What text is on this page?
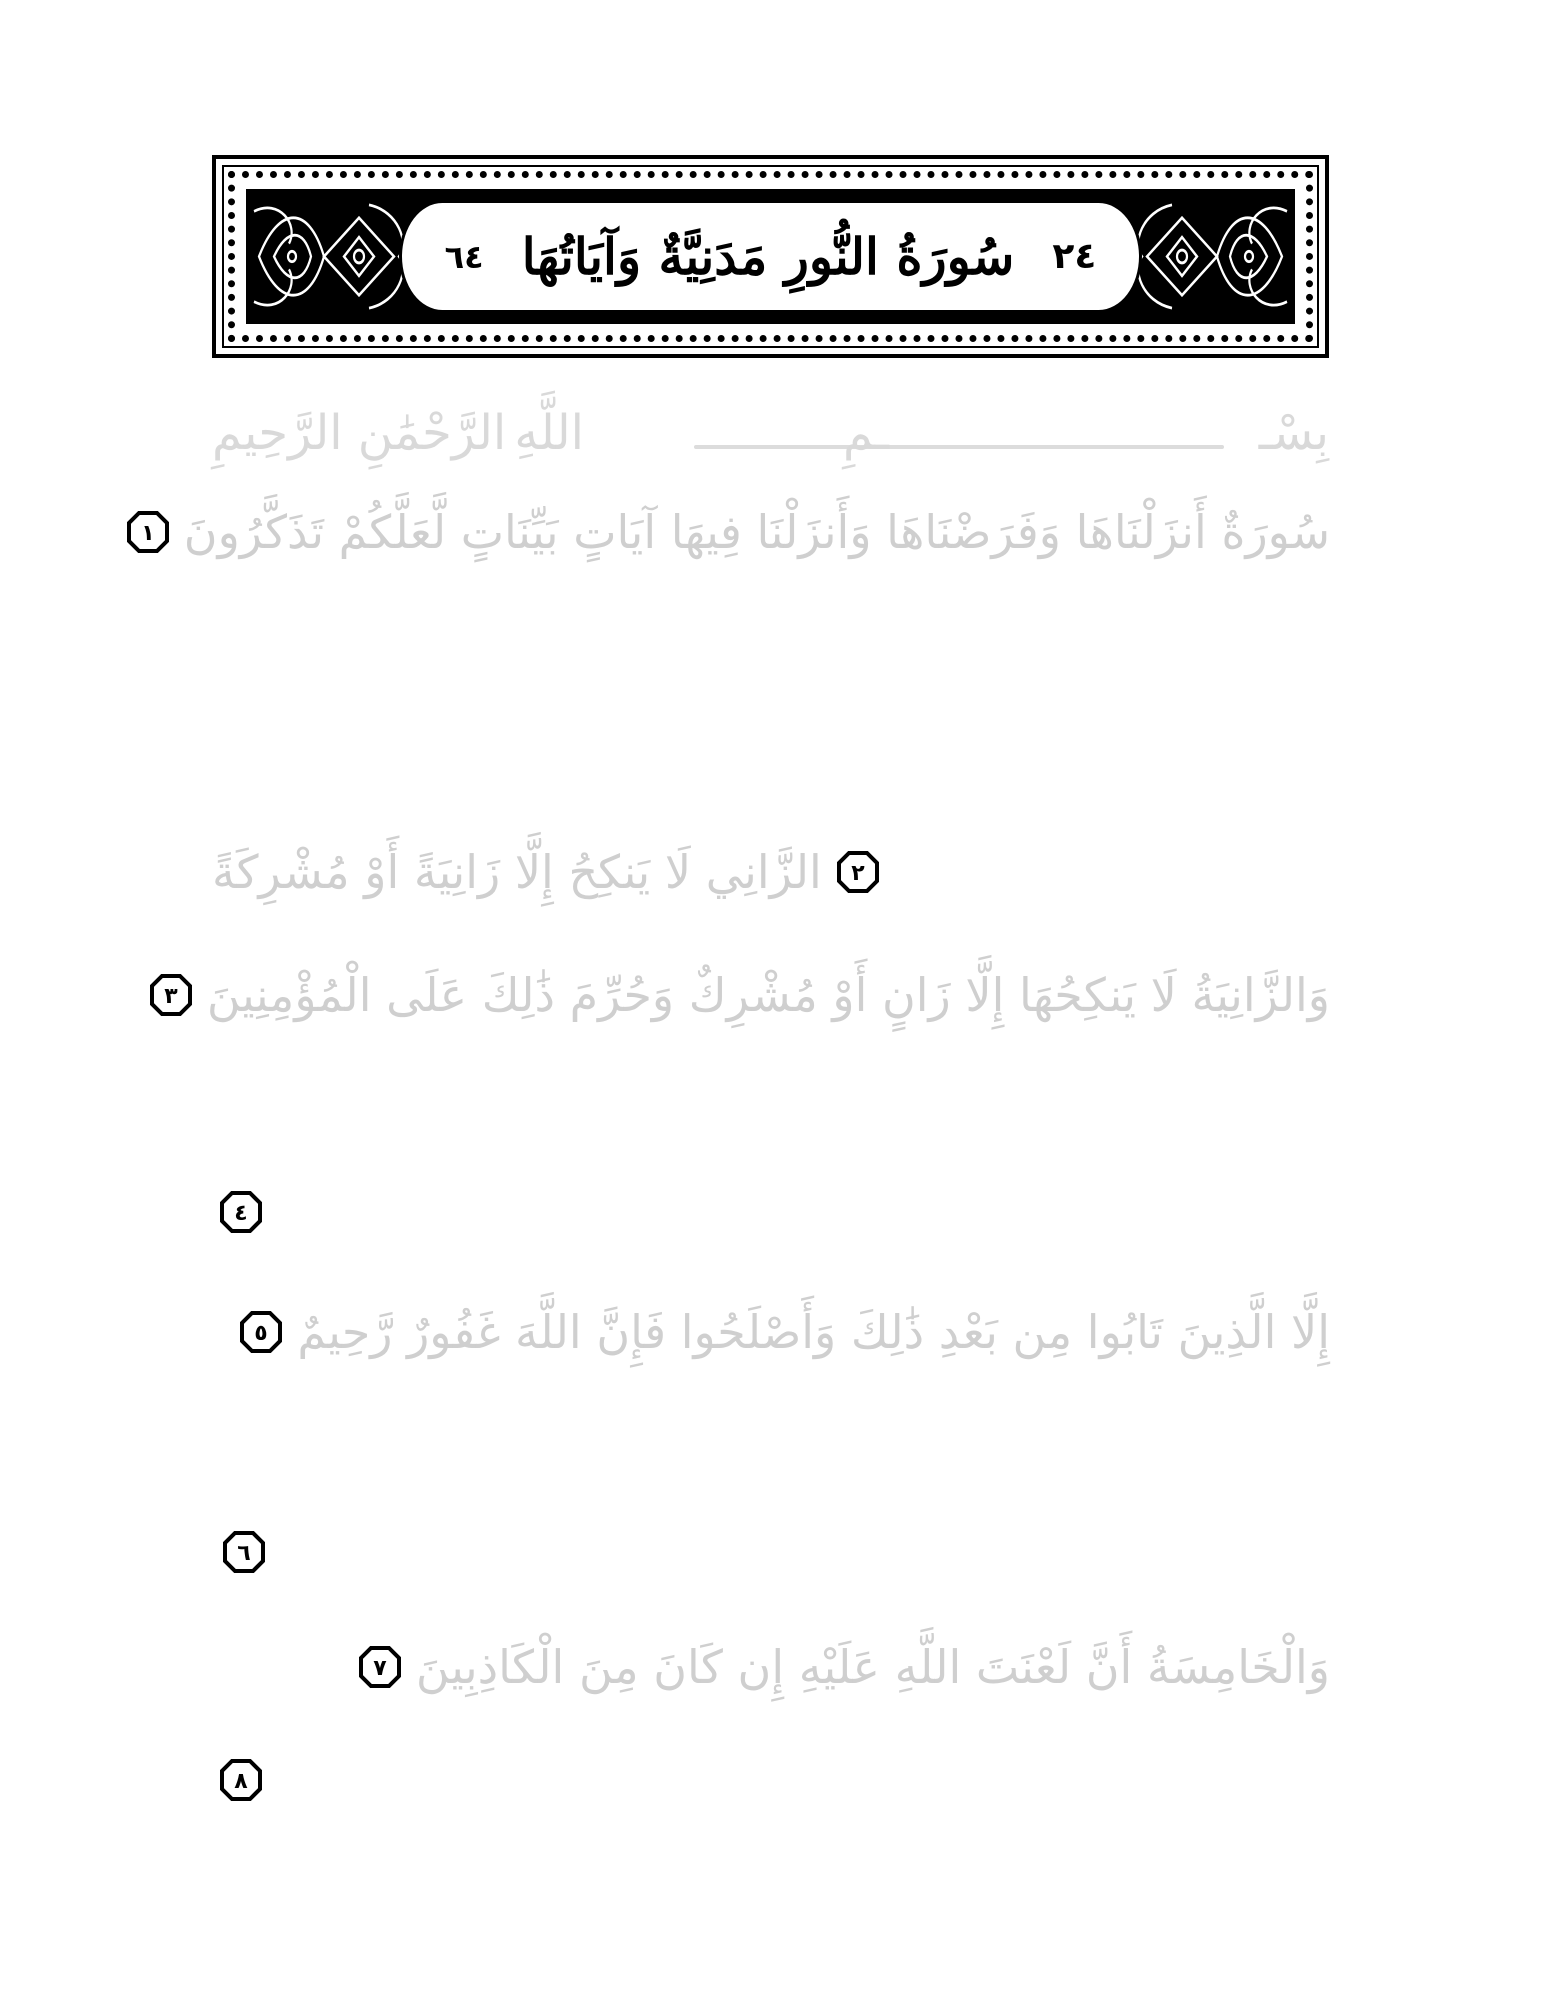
٢٤
سُورَةُ النُّورِ مَدَنِيَّةٌ وَآيَاتُهَا
٦٤
بِسْـ
ـمِ
اللَّهِ
الرَّحْمَٰنِ الرَّحِيمِ
سُورَةٌ أَنزَلْنَاهَا وَفَرَضْنَاهَا وَأَنزَلْنَا فِيهَا آيَاتٍ بَيِّنَاتٍ لَّعَلَّكُمْ تَذَكَّرُونَ
١
٢
الزَّانِي لَا يَنكِحُ إِلَّا زَانِيَةً أَوْ مُشْرِكَةً
وَالزَّانِيَةُ لَا يَنكِحُهَا إِلَّا زَانٍ أَوْ مُشْرِكٌ وَحُرِّمَ ذَٰلِكَ عَلَى الْمُؤْمِنِينَ
٣
٤
إِلَّا الَّذِينَ تَابُوا مِن بَعْدِ ذَٰلِكَ وَأَصْلَحُوا فَإِنَّ اللَّهَ غَفُورٌ رَّحِيمٌ
٥
٦
وَالْخَامِسَةُ أَنَّ لَعْنَتَ اللَّهِ عَلَيْهِ إِن كَانَ مِنَ الْكَاذِبِينَ
٧
٨
